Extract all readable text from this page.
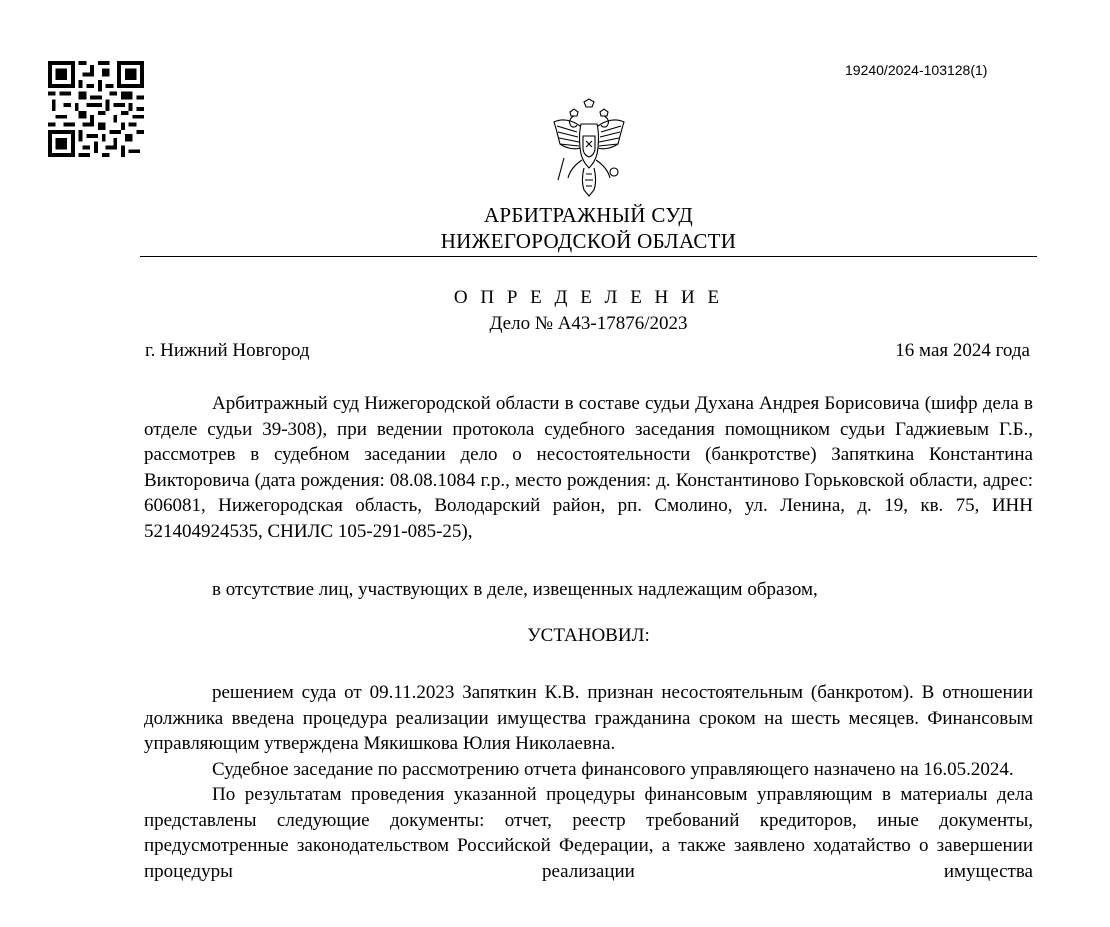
19240/2024-103128(1)
АРБИТРАЖНЫЙ СУД
НИЖЕГОРОДСКОЙ ОБЛАСТИ
О П Р Е Д Е Л Е Н И Е
Дело № А43-17876/2023
г. Нижний Новгород	16 мая 2024 года

Арбитражный суд Нижегородской области в составе судьи Духана Андрея Борисовича (шифр дела в отделе судьи 39-308), при ведении протокола судебного заседания помощником судьи Гаджиевым Г.Б., рассмотрев в судебном заседании дело о несостоятельности (банкротстве) Запяткина Константина Викторовича (дата рождения: 08.08.1084 г.р., место рождения: д. Константиново Горьковской области, адрес: 606081, Нижегородская область, Володарский район, рп. Смолино, ул. Ленина, д. 19, кв. 75, ИНН 521404924535, СНИЛС 105-291-085-25),

в отсутствие лиц, участвующих в деле, извещенных надлежащим образом,

УСТАНОВИЛ:

решением суда от 09.11.2023 Запяткин К.В. признан несостоятельным (банкротом). В отношении должника введена процедура реализации имущества гражданина сроком на шесть месяцев. Финансовым управляющим утверждена Мякишкова Юлия Николаевна.

Судебное заседание по рассмотрению отчета финансового управляющего назначено на 16.05.2024.

По результатам проведения указанной процедуры финансовым управляющим в материалы дела представлены следующие документы: отчет, реестр требований кредиторов, иные документы, предусмотренные законодательством Российской Федерации, а также заявлено ходатайство о завершении процедуры реализации имущества
